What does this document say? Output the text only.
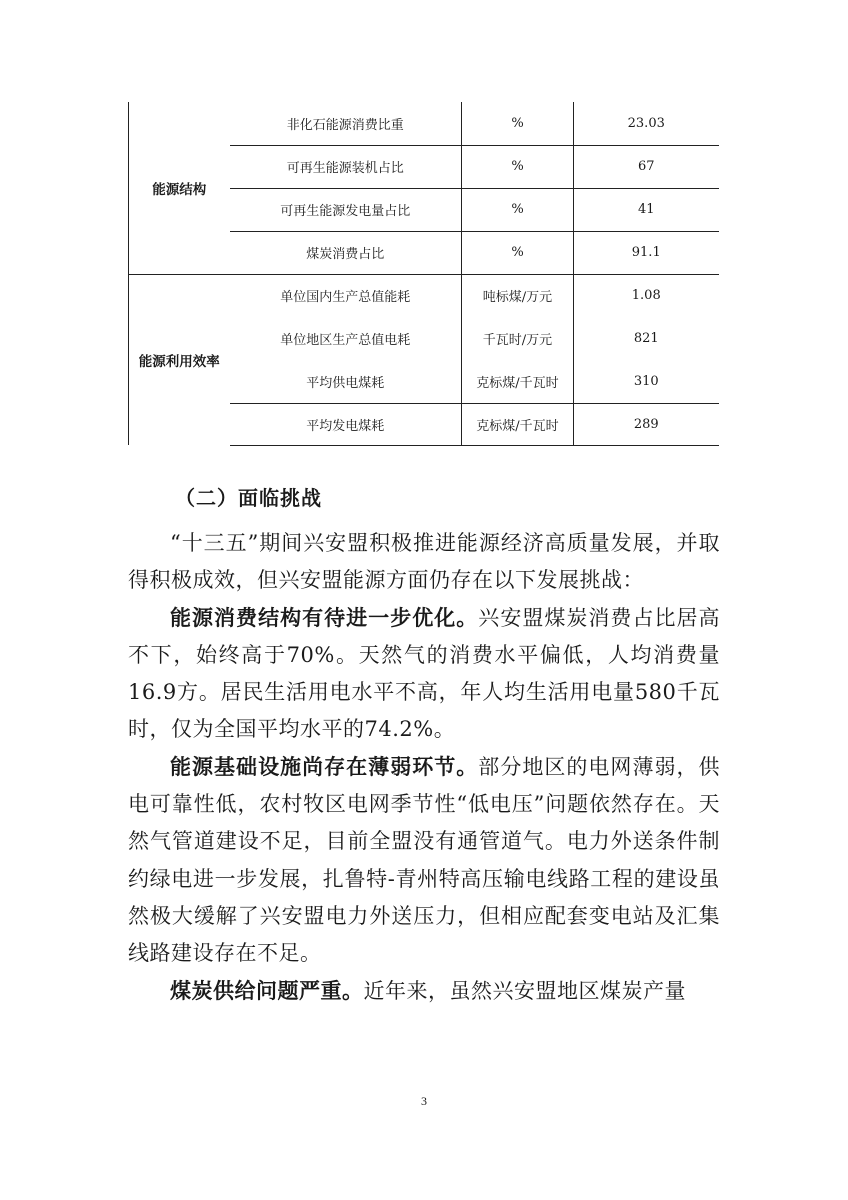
能源结构	非化石能源消费比重	%	23.03
	可再生能源装机占比	%	67
	可再生能源发电量占比	%	41
	煤炭消费占比	%	91.1
能源利用效率	单位国内生产总值能耗	吨标煤/万元	1.08
	单位地区生产总值电耗	千瓦时/万元	821
	平均供电煤耗	克标煤/千瓦时	310
	平均发电煤耗	克标煤/千瓦时	289
（二）面临挑战

“十三五”期间兴安盟积极推进能源经济高质量发展，并取得积极成效，但兴安盟能源方面仍存在以下发展挑战：

能源消费结构有待进一步优化。兴安盟煤炭消费占比居高不下，始终高于70%。天然气的消费水平偏低，人均消费量16.9方。居民生活用电水平不高，年人均生活用电量580千瓦时，仅为全国平均水平的74.2%。

能源基础设施尚存在薄弱环节。部分地区的电网薄弱，供电可靠性低，农村牧区电网季节性“低电压”问题依然存在。天然气管道建设不足，目前全盟没有通管道气。电力外送条件制约绿电进一步发展，扎鲁特-青州特高压输电线路工程的建设虽然极大缓解了兴安盟电力外送压力，但相应配套变电站及汇集线路建设存在不足。

煤炭供给问题严重。近年来，虽然兴安盟地区煤炭产量

3
